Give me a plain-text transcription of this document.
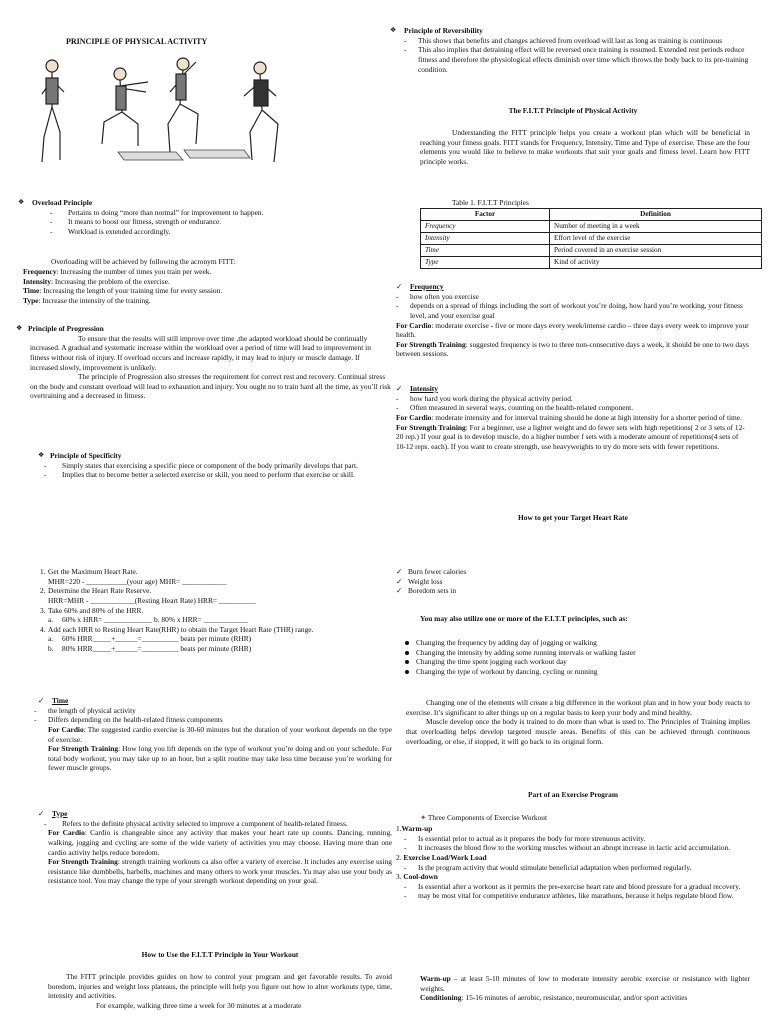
PRINCIPLE OF PHYSICAL ACTIVITY

❖ Overload Principle

- Pertains to doing “more than normal” for improvement to happen.
- It means to boost our fitness, strength or endurance.
- Workload is extended accordingly.
Overloading will be achieved by following the acronym FITT:

Frequency: Increasing the number of times you train per week.

Intensity: Increasing the problem of the exercise.

Time: Increasing the length of your training time for every session.

Type: Increase the intensity of the training.

❖ Principle of Progression

To ensure that the results will still improve over time ,the adapted workload should be continually increased. A gradual and systematic increase within the workload over a period of time will lead to improvement in fitness without risk of injury. If overload occurs and increase rapidly, it may lead to injury or muscle damage. If increased slowly, improvement is unlikely.

The principle of Progression also stresses the requirement for correct rest and recovery. Continual stress on the body and constant overload will lead to exhaustion and injury. You ought no to train hard all the time, as you’ll risk overtraining and a decreased in fitness.

❖ Principle of Specificity

- Simply states that exercising a specific piece or component of the body primarily develops that part.
- Implies that to become better a selected exercise or skill, you need to perform that exercise or skill.
1. Get the Maximum Heart Rate.
MHR=220 - ___________(your age) MHR= ____________
2. Determine the Heart Rate Reserve.
HRR=MHR - ____________(Resting Heart Rate) HRR= __________
3. Take 60% and 80% of the HRR.
a. 60% x HRR= _____________ b. 80% x HRR= ____________
4. Add each HRR to Resting Heart Rate(RHR) to obtain the Target Heart Rate (THR) range.
a. 60% HRR_____+______=__________ beats per minute (RHR)
b. 80% HRR_____+______=__________ beats per minute (RHR)

✓ Time

- the length of physical activity
- Differs depending on the health-related fitness components

For Cardio: The suggested cardio exercise is 30-60 minutes but the duration of your workout depends on the type of exercise.

For Strength Training: How long you lift depends on the type of workout you’re doing and on your schedule. For total body workout, you may take up to an hour, but a split routine may take less time because you’re working for fewer muscle groups.

✓ Type

- Refers to the definite physical activity selected to improve a component of health-related fitness.

For Cardio: Cardio is changeable since any activity that makes your heart rate up counts. Dancing, running, walking, jogging and cycling are some of the wide variety of activities you may choose. Having more than one cardio activity helps reduce boredom.

For Strength Training: strength training workouts ca also offer a variety of exercise. It includes any exercise using resistance like dumbbells, barbells, machines and many others to work your muscles. Yu may also use your body as resistance tool. You may change the type of your strength workout depending on your goal.

How to Use the F.I.T.T Principle in Your Workout

The FITT principle provides guides on how to control your program and get favorable results. To avoid boredom, injuries and weight loss plateaus, the principle will help you figure out how to alter workouts type, time, intensity and activities.

For example, walking three time a week for 30 minutes at a moderate

❖ Principle of Reversibility

- This shows that benefits and changes achieved from overload will last as long as training is continuous
- This also implies that detraining effect will be reversed once training is resumed. Extended rest periods reduce fitness and therefore the physiological effects diminish over time which throws the body back to its pre-training condition.
The F.I.T.T Principle of Physical Activity

Understanding the FITT principle helps you create a workout plan which will be beneficial in reaching your fitness goals. FITT stands for Frequency, Intensity, Time and Type of exercise. These are the four elements you would like to believe to make workouts that suit your goals and fitness level. Learn how FITT principle works.

Table 1. F.I.T.T Principles
Factor	Definition
Frequency	Number of meeting in a week
Intensity	Effort level of the exercise
Time	Period covered in an exercise session
Type	Kind of activity

✓ Frequency

- how often you exercise
- depends on a spread of things including the sort of workout you’re doing, how hard you’re working, your fitness level, and your exercise goal

For Cardio: moderate exercise - five or more days every week/intense cardio – three days every week to improve your health.

For Strength Training: suggested frequency is two to three non-consecutive days a week, it should be one to two days between sessions.

✓ Intensity

- how hard you work during the physical activity period.
- Often measured in several ways, counting on the health-related component.

For Cardio: moderate intensity and for interval training should be done at high intensity for a shorter period of time.

For Strength Training: For a beginner, use a lighter weight and do fewer sets with high repetitions( 2 or 3 sets of 12-20 rep.) If your goal is to develop muscle, do a higher number f sets with a moderate amount of repetitions(4 sets of 10-12 reps. each). If you want to create strength, use heavyweights to try do more sets with fewer repetitions.

How to get your Target Heart Rate

✓ Burn fewer calories

✓ Weight loss

✓ Boredom sets in

You may also utilize one or more of the F.I.T.T principles, such as:
Changing the frequency by adding day of jogging or walking
Changing the intensity by adding some running intervals or walking faster
Changing the time spent jogging each workout day
Changing the type of workout by dancing, cycling or running

Changing one of the elements will create a big difference in the workout plan and in how your body reacts to exercise. It’s significant to alter things up on a regular basis to keep your body and mind healthy.

Muscle develop once the body is trained to do more than what is used to. The Principles of Training implies that overloading helps develop targeted muscle areas. Benefits of this can be achieved through continuous overloading, or else, if stopped, it will go back to its original form.

Part of an Exercise Program
✦ Three Components of Exercise Workout

1.Warm-up

- Is essential prior to actual as it prepares the body for more strenuous activity.
- It increases the blood flow to the working muscles without an abrupt increase in lactic acid accumulation.

2. Exercise Load/Work Load

- Is the program activity that would stimulate beneficial adaptation when performed regularly.

3. Cool-down

- Is essential after a workout as it permits the pre-exercise heart rate and blood pressure for a gradual recovery.
- may be most vital for competitive endurance athletes, like marathons, because it helps regulate blood flow.

Warm-up – at least 5-10 minutes of low to moderate intensity aerobic exercise or resistance with lighter weights.

Conditioning: 15-16 minutes of aerobic, resistance, neuromuscular, and/or sport activities
